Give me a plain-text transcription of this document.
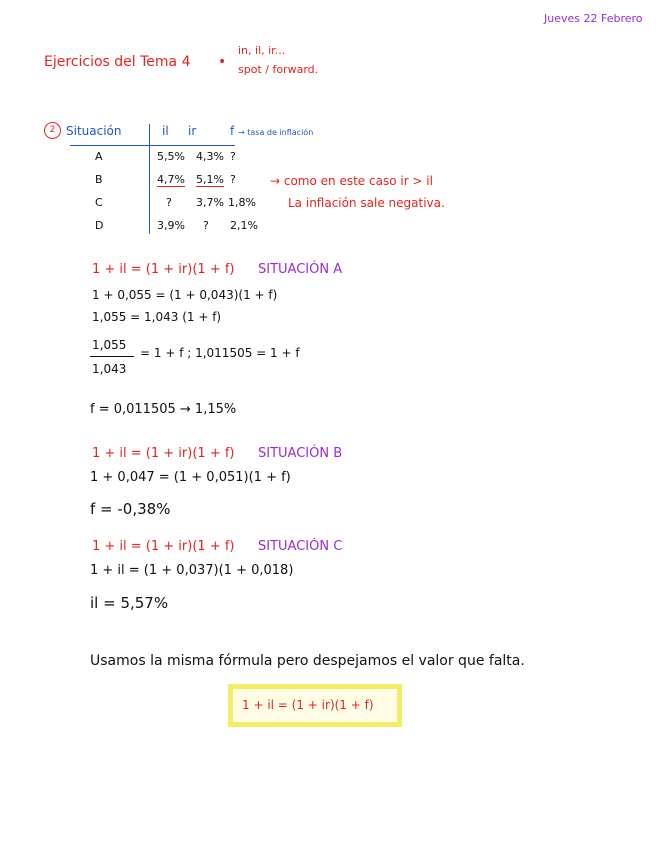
Jueves 22 Febrero
Ejercicios del Tema 4 •
in, il, ir...
spot / forward.
2 Situación	il ir	f → tasa de inflación
A	5,5% 4,3% ?
B	4,7% 5,1% ?
C	? 3,7% 1,8%
D	3,9% ? 2,1%
→ como en este caso ir > il
La inflación sale negativa.
1 + il = (1 + ir)(1 + f) SITUACIÓN A
1 + 0,055 = (1 + 0,043)(1 + f)
1,055 = 1,043 (1 + f)
1,055
1,043
= 1 + f ; 1,011505 = 1 + f
f = 0,011505 → 1,15%
1 + il = (1 + ir)(1 + f) SITUACIÓN B
1 + 0,047 = (1 + 0,051)(1 + f)
f = -0,38%
1 + il = (1 + ir)(1 + f) SITUACIÓN C
1 + il = (1 + 0,037)(1 + 0,018)
il = 5,57%
Usamos la misma fórmula pero despejamos el valor que falta.
1 + il = (1 + ir)(1 + f)
